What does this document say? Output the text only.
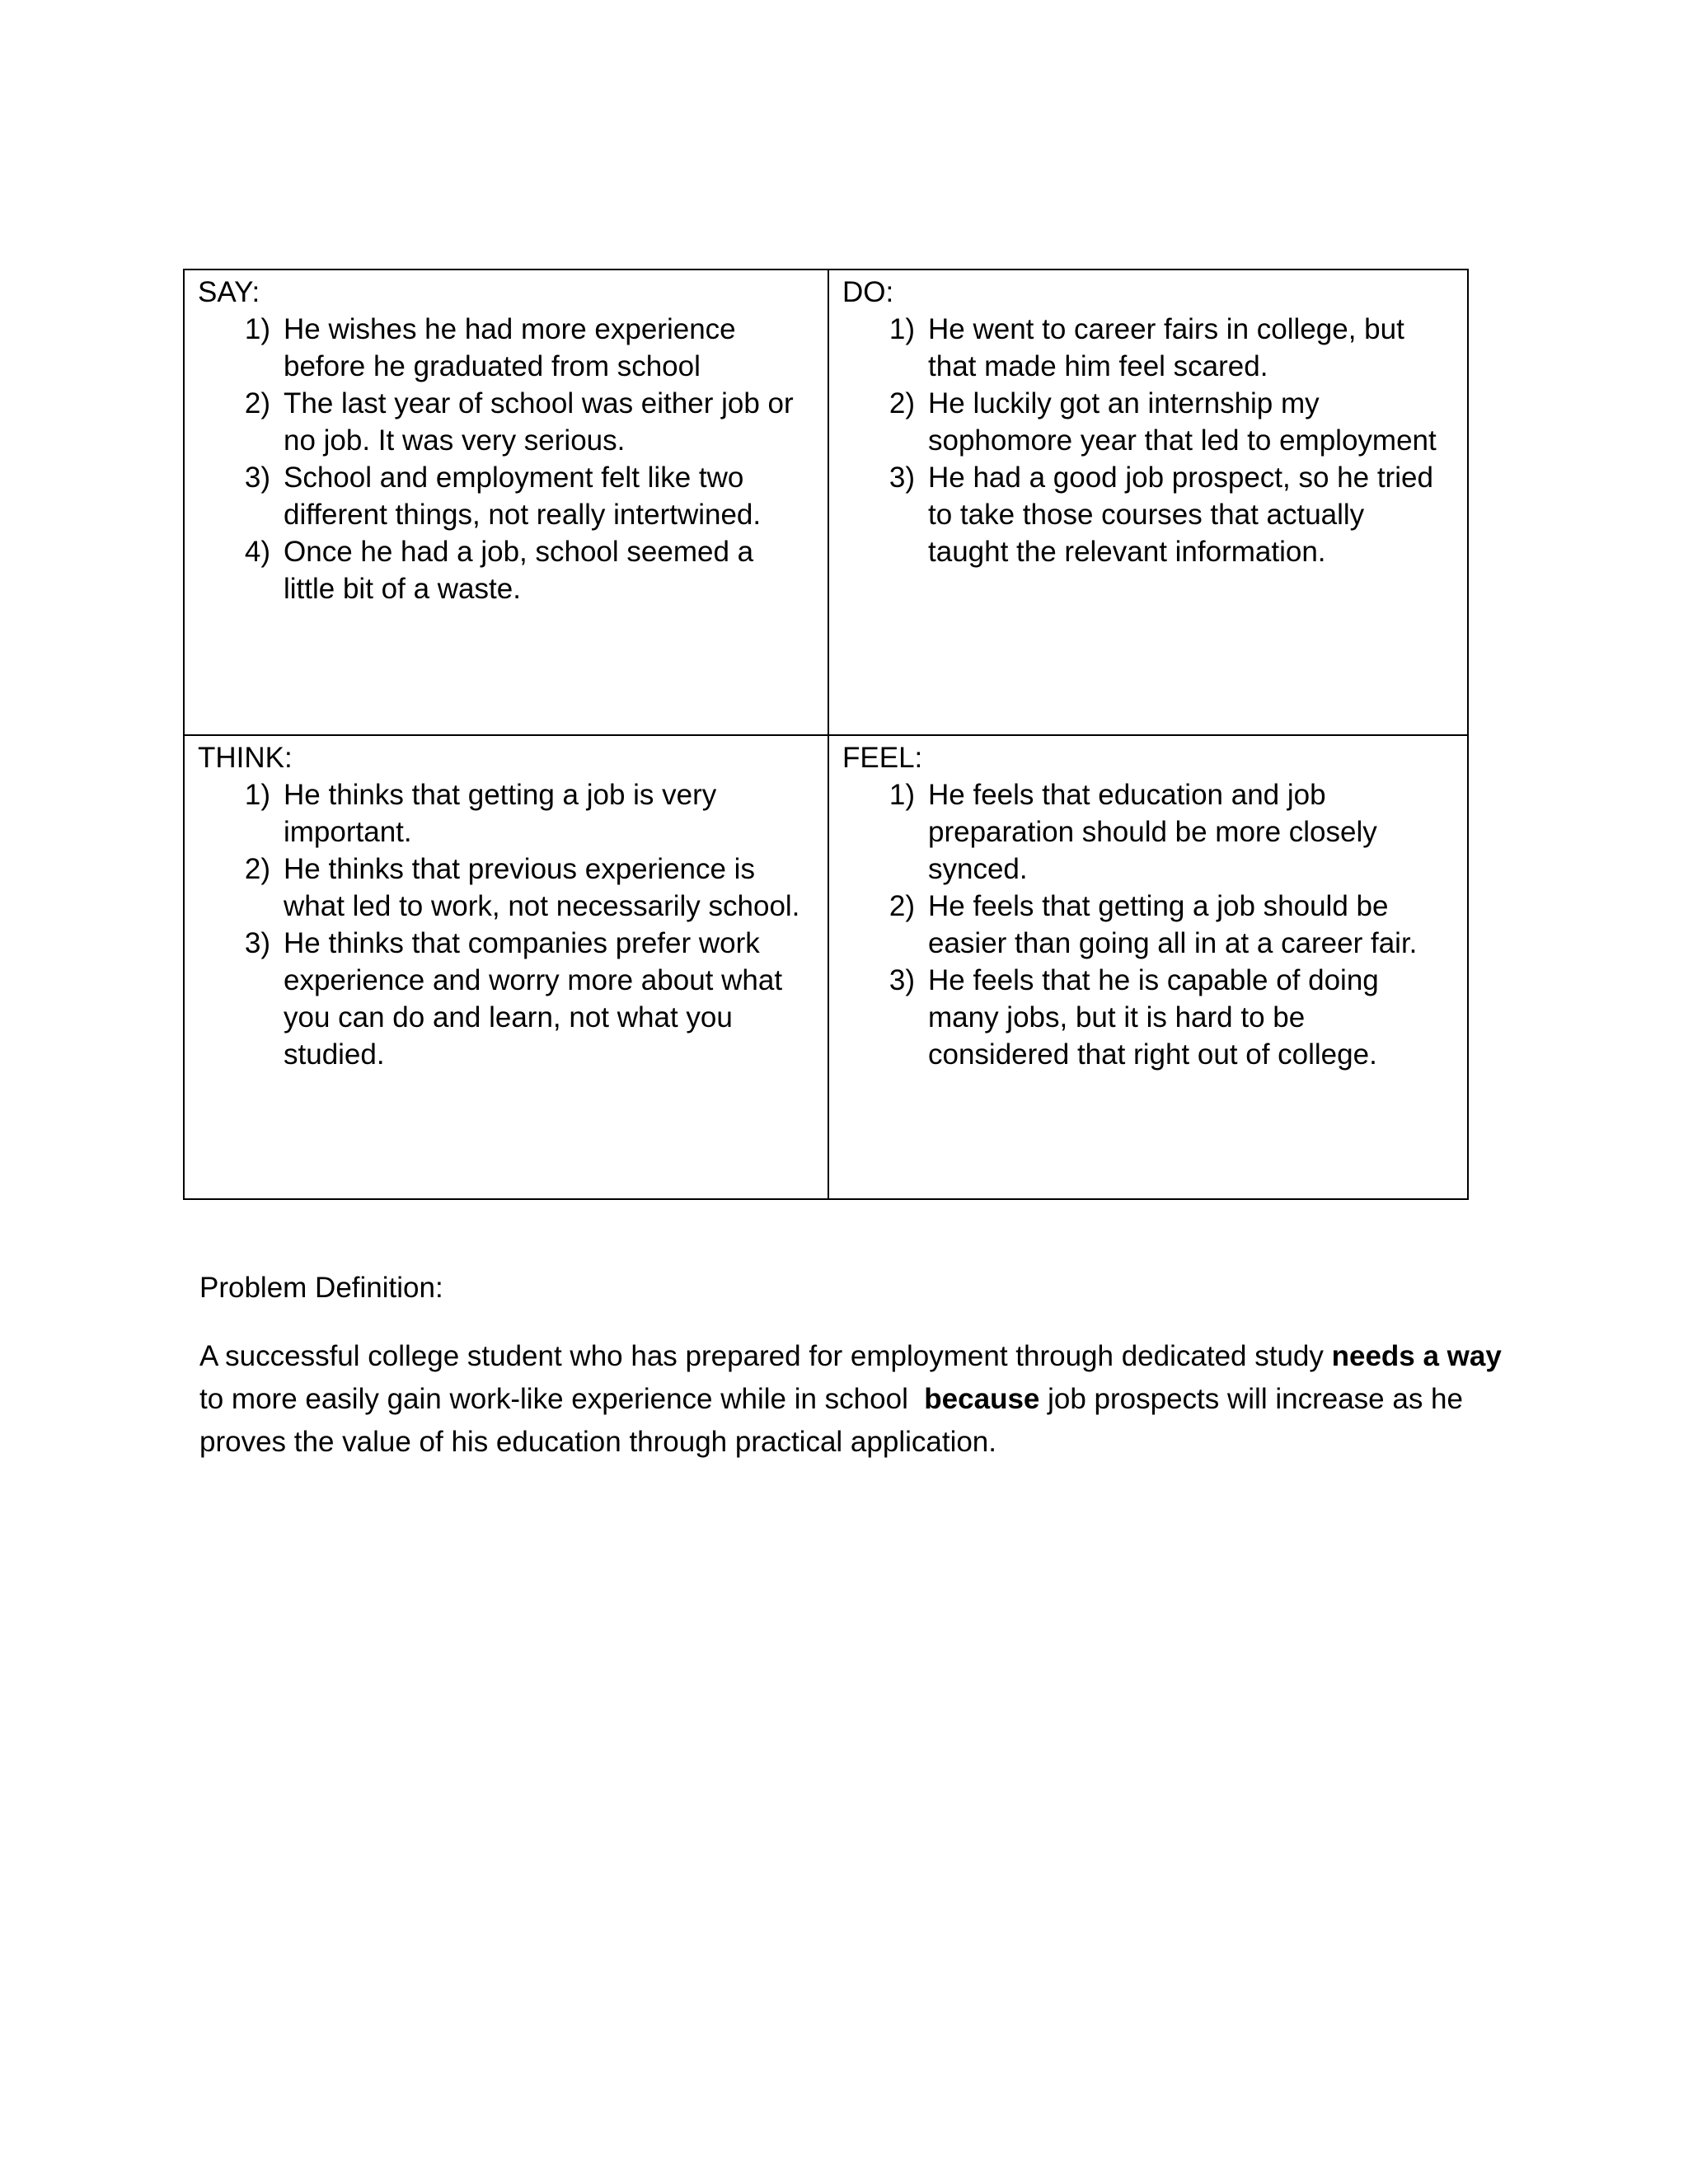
SAY:

1) He wishes he had more experience before he graduated from school
2) The last year of school was either job or no job. It was very serious.
3) School and employment felt like two different things, not really intertwined.
4) Once he had a job, school seemed a little bit of a waste.

DO:

1) He went to career fairs in college, but that made him feel scared.
2) He luckily got an internship my sophomore year that led to employment
3) He had a good job prospect, so he tried to take those courses that actually taught the relevant information.

THINK:

1) He thinks that getting a job is very important.
2) He thinks that previous experience is what led to work, not necessarily school.
3) He thinks that companies prefer work experience and worry more about what you can do and learn, not what you studied.

FEEL:

1) He feels that education and job preparation should be more closely synced.
2) He feels that getting a job should be easier than going all in at a career fair.
3) He feels that he is capable of doing many jobs, but it is hard to be considered that right out of college.

Problem Definition:

A successful college student who has prepared for employment through dedicated study needs a way to more easily gain work-like experience while in school  because job prospects will increase as he proves the value of his education through practical application.
